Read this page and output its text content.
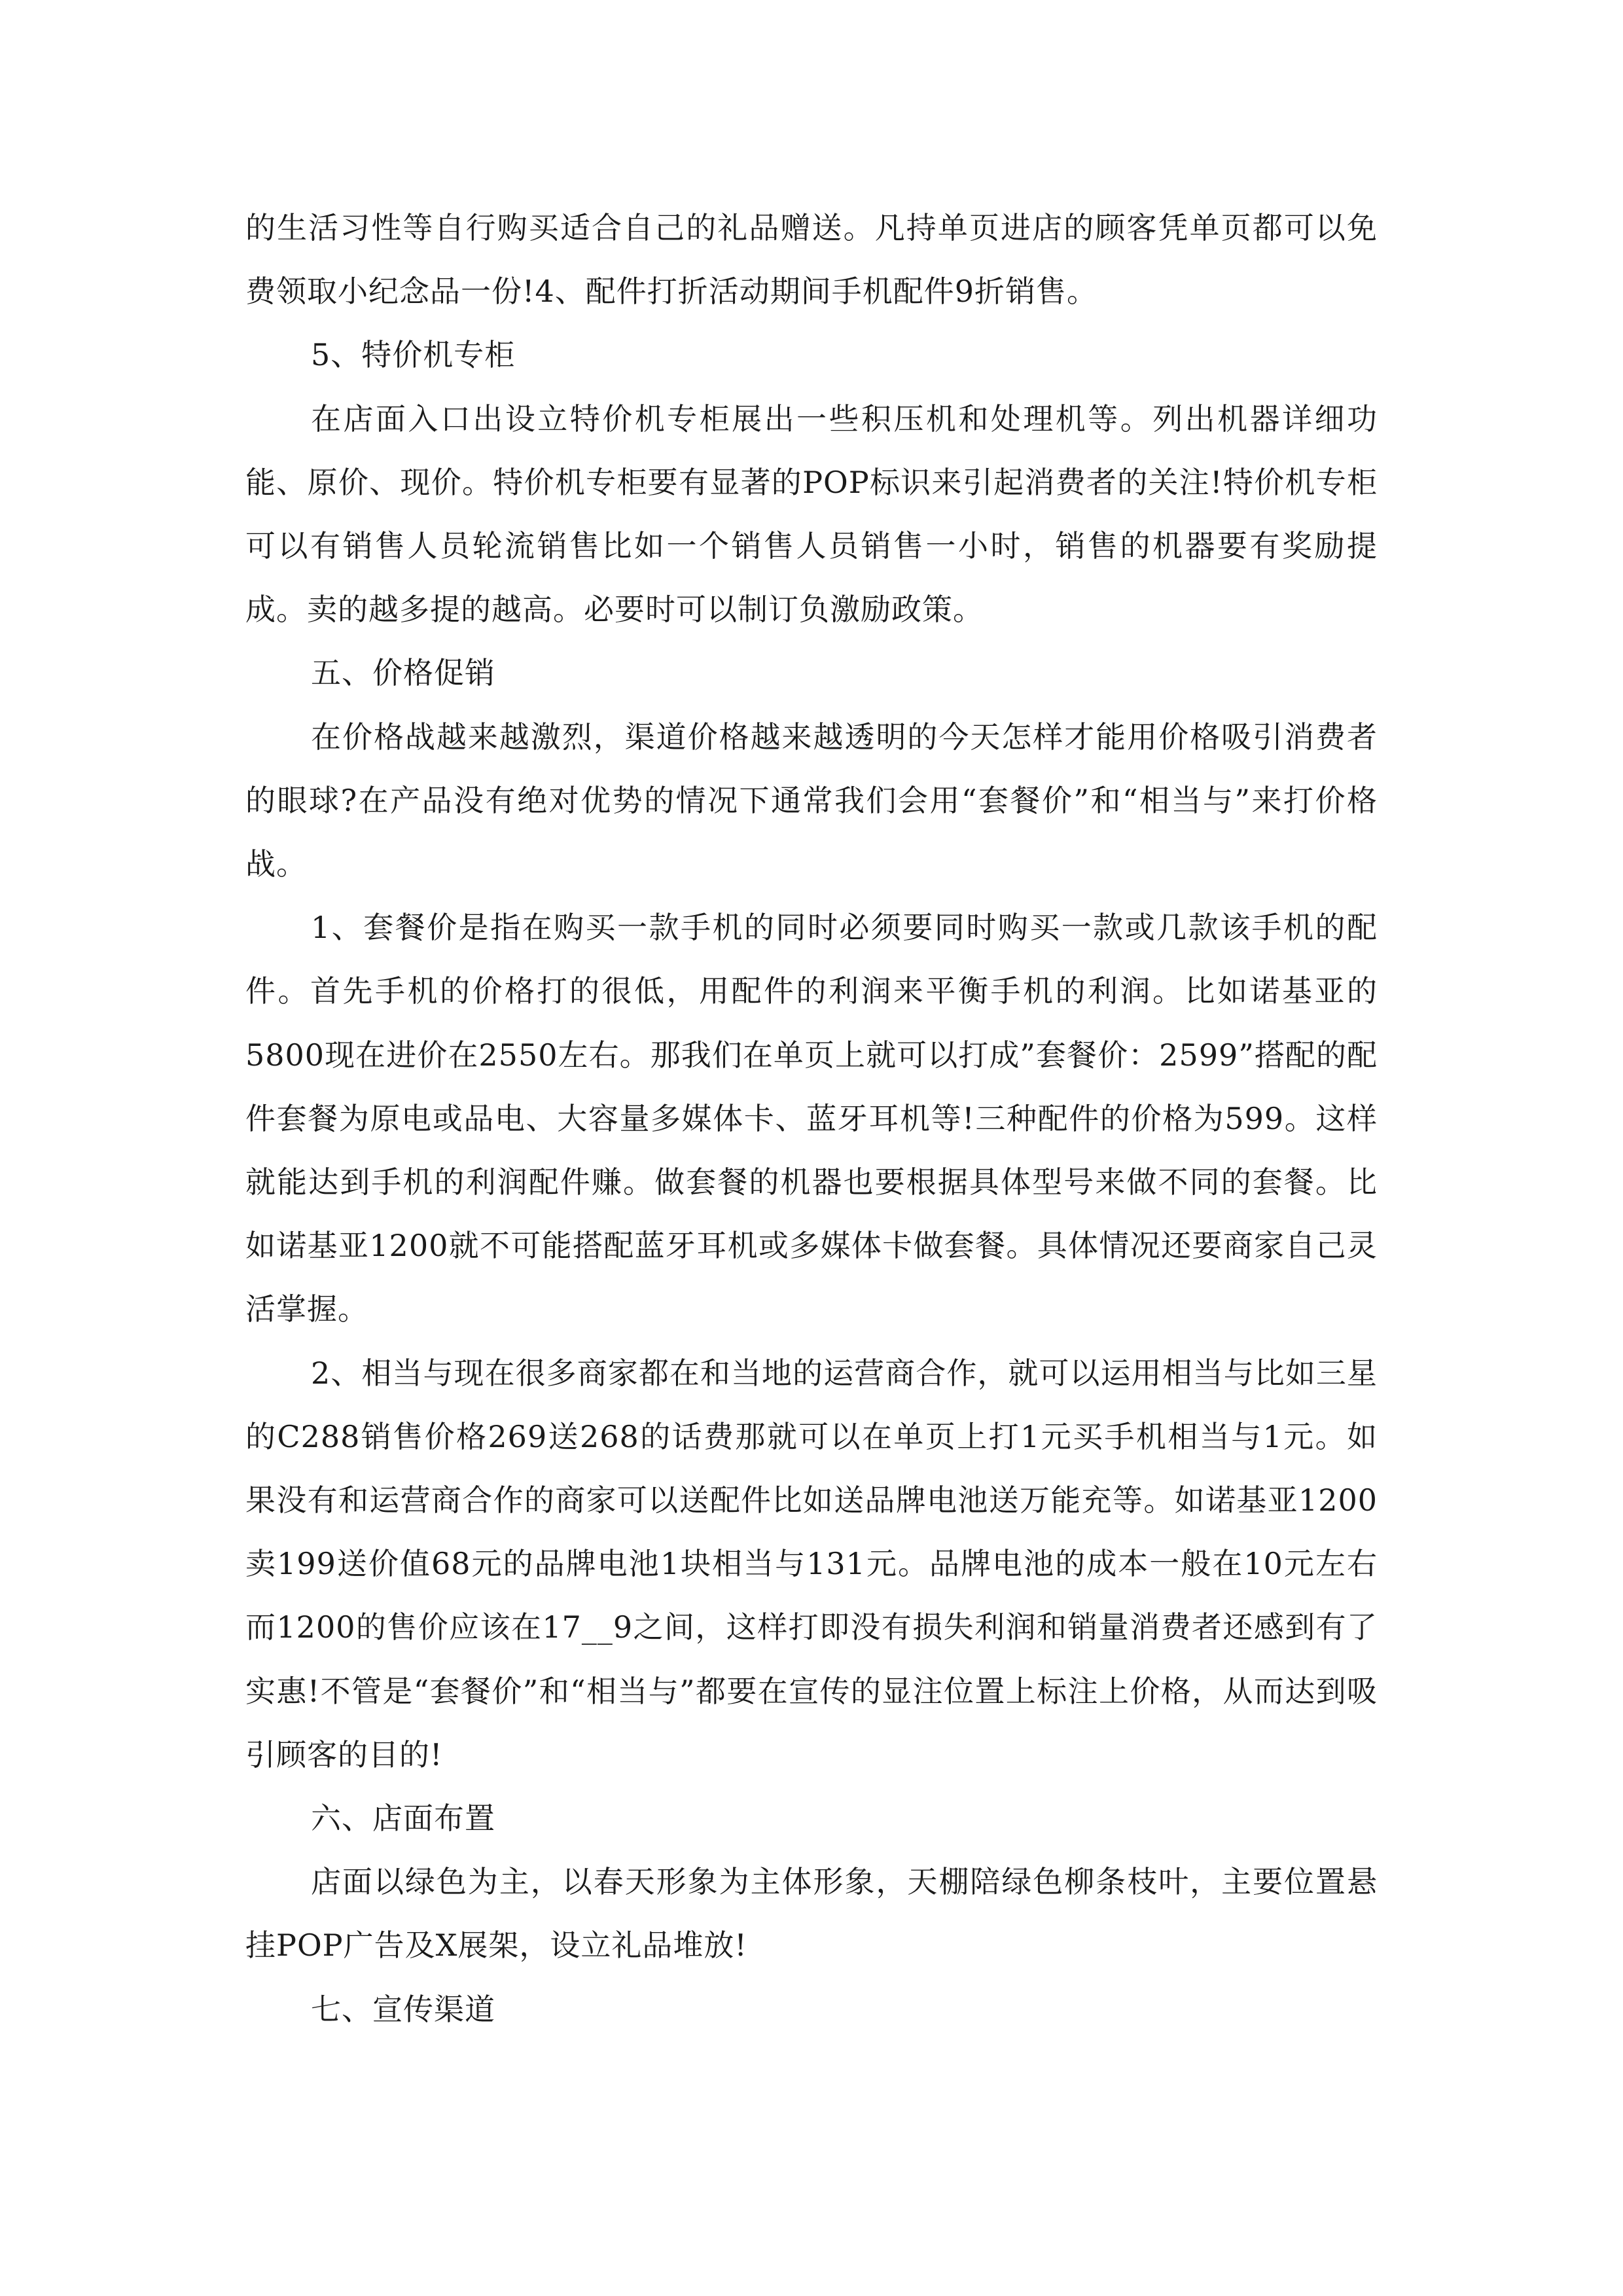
的生活习性等自行购买适合自己的礼品赠送。凡持单页进店的顾客凭单页都可以免费领取小纪念品一份!4、配件打折活动期间手机配件9折销售。

5、特价机专柜

在店面入口出设立特价机专柜展出一些积压机和处理机等。列出机器详细功能、原价、现价。特价机专柜要有显著的POP标识来引起消费者的关注!特价机专柜可以有销售人员轮流销售比如一个销售人员销售一小时，销售的机器要有奖励提成。卖的越多提的越高。必要时可以制订负激励政策。

五、价格促销

在价格战越来越激烈，渠道价格越来越透明的今天怎样才能用价格吸引消费者的眼球?在产品没有绝对优势的情况下通常我们会用“套餐价”和“相当与”来打价格战。

1、套餐价是指在购买一款手机的同时必须要同时购买一款或几款该手机的配件。首先手机的价格打的很低，用配件的利润来平衡手机的利润。比如诺基亚的5800现在进价在2550左右。那我们在单页上就可以打成”套餐价：2599”搭配的配件套餐为原电或品电、大容量多媒体卡、蓝牙耳机等!三种配件的价格为599。这样就能达到手机的利润配件赚。做套餐的机器也要根据具体型号来做不同的套餐。比如诺基亚1200就不可能搭配蓝牙耳机或多媒体卡做套餐。具体情况还要商家自己灵活掌握。

2、相当与现在很多商家都在和当地的运营商合作，就可以运用相当与比如三星的C288销售价格269送268的话费那就可以在单页上打1元买手机相当与1元。如果没有和运营商合作的商家可以送配件比如送品牌电池送万能充等。如诺基亚1200卖199送价值68元的品牌电池1块相当与131元。品牌电池的成本一般在10元左右而1200的售价应该在17__9之间，这样打即没有损失利润和销量消费者还感到有了实惠!不管是“套餐价”和“相当与”都要在宣传的显注位置上标注上价格，从而达到吸引顾客的目的!

六、店面布置

店面以绿色为主，以春天形象为主体形象，天棚陪绿色柳条枝叶，主要位置悬挂POP广告及X展架，设立礼品堆放!

七、宣传渠道
